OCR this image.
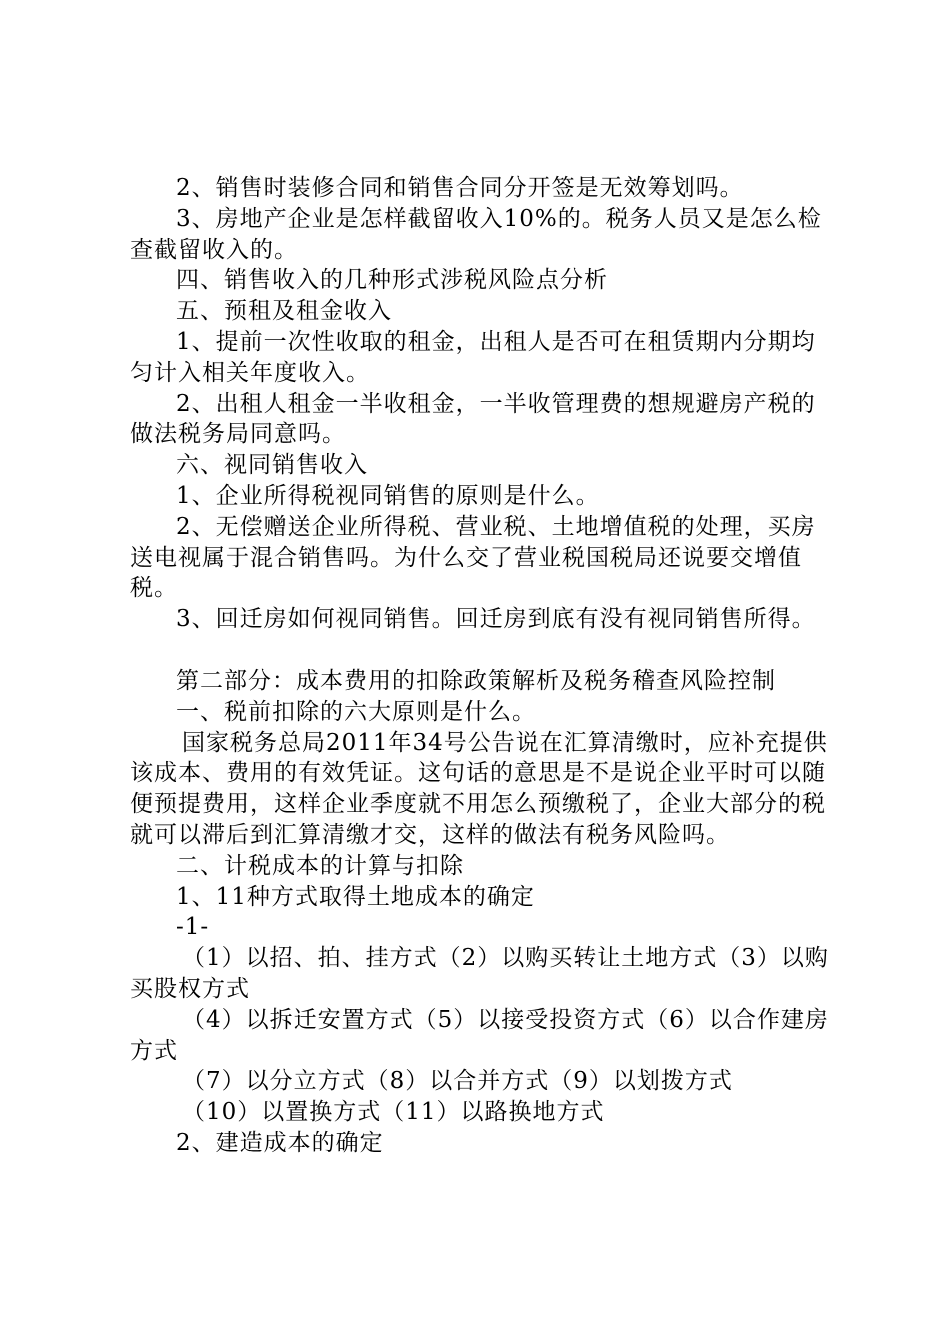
2、销售时装修合同和销售合同分开签是无效筹划吗。

3、房地产企业是怎样截留收入10%的。税务人员又是怎么检查截留收入的。

四、销售收入的几种形式涉税风险点分析

五、预租及租金收入

1、提前一次性收取的租金，出租人是否可在租赁期内分期均匀计入相关年度收入。

2、出租人租金一半收租金，一半收管理费的想规避房产税的做法税务局同意吗。

六、视同销售收入

1、企业所得税视同销售的原则是什么。

2、无偿赠送企业所得税、营业税、土地增值税的处理，买房送电视属于混合销售吗。为什么交了营业税国税局还说要交增值税。

3、回迁房如何视同销售。回迁房到底有没有视同销售所得。

第二部分：成本费用的扣除政策解析及税务稽查风险控制

一、税前扣除的六大原则是什么。

国家税务总局2011年34号公告说在汇算清缴时，应补充提供该成本、费用的有效凭证。这句话的意思是不是说企业平时可以随便预提费用，这样企业季度就不用怎么预缴税了，企业大部分的税就可以滞后到汇算清缴才交，这样的做法有税务风险吗。

二、计税成本的计算与扣除

1、11种方式取得土地成本的确定

-1-

（1）以招、拍、挂方式（2）以购买转让土地方式（3）以购买股权方式

（4）以拆迁安置方式（5）以接受投资方式（6）以合作建房方式

（7）以分立方式（8）以合并方式（9）以划拨方式

（10）以置换方式（11）以路换地方式

2、建造成本的确定
